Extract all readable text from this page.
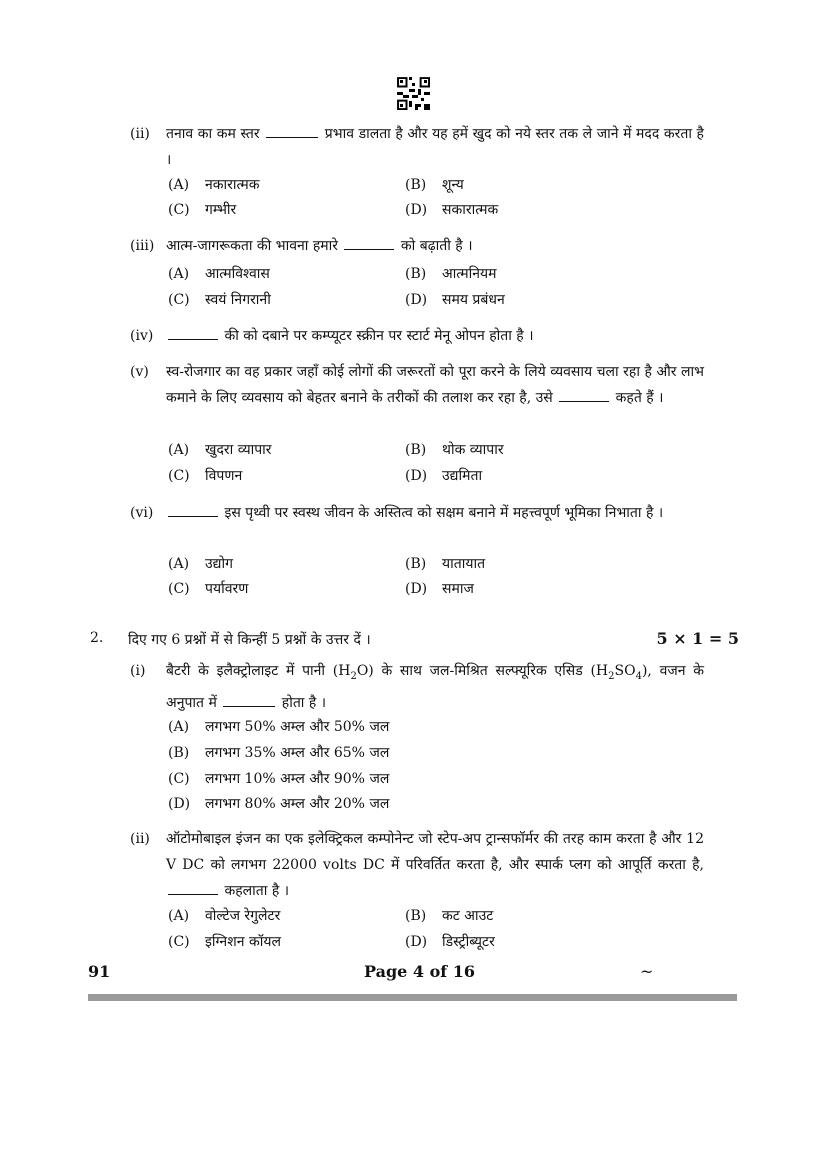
(ii)	तनाव का कम स्तर	प्रभाव डालता है और यह हमें खुद को नये स्तर तक ले जाने में मदद करता है ।
(A) नकारात्मक	(B) शून्य
(C) गम्भीर	(D) सकारात्मक
(iii) आत्म-जागरूकता की भावना हमारे	को बढ़ाती है ।
(A) आत्मविश्वास	(B) आत्मनियम
(C) स्वयं निगरानी	(D) समय प्रबंधन
(iv)	की को दबाने पर कम्प्यूटर स्क्रीन पर स्टार्ट मेनू ओपन होता है ।
(v)	स्व-रोजगार का वह प्रकार जहाँ कोई लोगों की जरूरतों को पूरा करने के लिये व्यवसाय चला रहा है और लाभ कमाने के लिए व्यवसाय को बेहतर बनाने के तरीकों की तलाश कर रहा है, उसे	कहते हैं ।
(A) खुदरा व्यापार	(B) थोक व्यापार
(C) विपणन	(D) उद्यमिता
(vi)	इस पृथ्वी पर स्वस्थ जीवन के अस्तित्व को सक्षम बनाने में महत्त्वपूर्ण भूमिका निभाता है ।
(A) उद्योग	(B) यातायात
(C) पर्यावरण	(D) समाज
2. दिए गए 6 प्रश्नों में से किन्हीं 5 प्रश्नों के उत्तर दें ।	5 × 1 = 5
(i)	बैटरी के इलैक्ट्रोलाइट में पानी $(H_2O)$ के साथ जल-मिश्रित सल्फ्यूरिक एसिड $(H_2SO_4)$, वजन के अनुपात में	होता है ।
(A) लगभग 50% अम्ल और 50% जल
(B) लगभग 35% अम्ल और 65% जल
(C) लगभग 10% अम्ल और 90% जल
(D) लगभग 80% अम्ल और 20% जल
(ii)	ऑटोमोबाइल इंजन का एक इलेक्ट्रिकल कम्पोनेन्ट जो स्टेप-अप ट्रान्सफॉर्मर की तरह काम करता है और 12 V DC को लगभग 22000 volts DC में परिवर्तित करता है, और स्पार्क प्लग को आपूर्ति करता है,  कहलाता है ।
(A) वोल्टेज रेगुलेटर	(B) कट आउट
(C) इग्निशन कॉयल	(D) डिस्ट्रीब्यूटर
91	Page 4 of 16	~
